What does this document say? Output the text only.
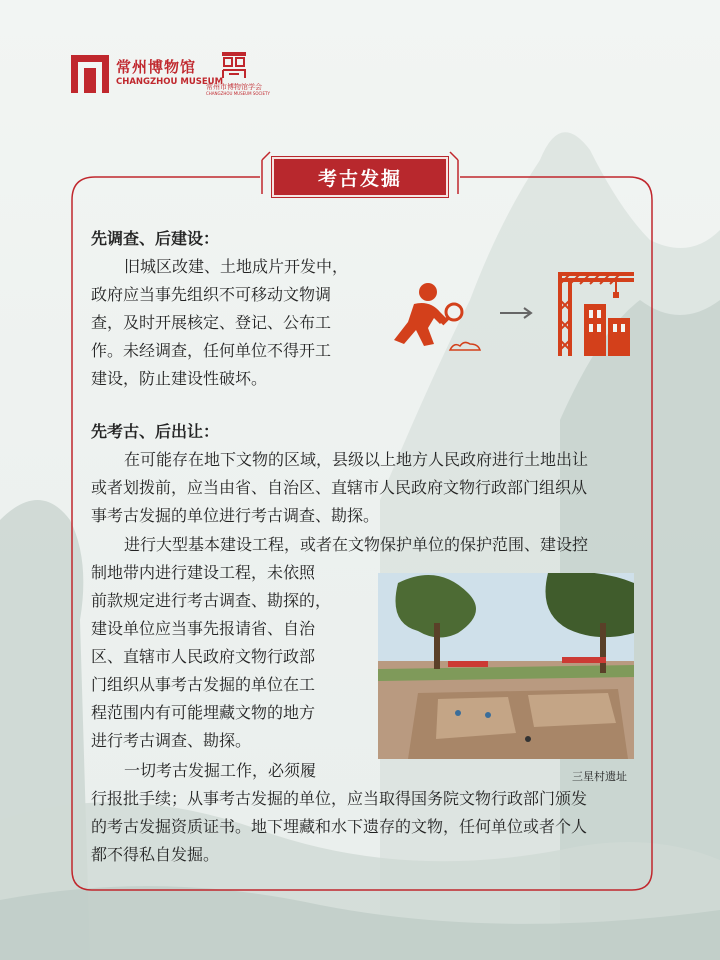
常州博物馆
CHANGZHOU MUSEUM
常州市博物馆学会
CHANGZHOU MUSEUM SOCIETY
考古发掘
先调查、后建设：
旧城区改建、土地成片开发中，
政府应当事先组织不可移动文物调
查，及时开展核定、登记、公布工
作。未经调查，任何单位不得开工
建设，防止建设性破坏。
先考古、后出让：
在可能存在地下文物的区域，县级以上地方人民政府进行土地出让
或者划拨前，应当由省、自治区、直辖市人民政府文物行政部门组织从
事考古发掘的单位进行考古调查、勘探。
进行大型基本建设工程，或者在文物保护单位的保护范围、建设控
制地带内进行建设工程，未依照
前款规定进行考古调查、勘探的，
建设单位应当事先报请省、自治
区、直辖市人民政府文物行政部
门组织从事考古发掘的单位在工
程范围内有可能埋藏文物的地方
进行考古调查、勘探。
一切考古发掘工作，必须履
行报批手续；从事考古发掘的单位，应当取得国务院文物行政部门颁发
的考古发掘资质证书。地下埋藏和水下遗存的文物，任何单位或者个人
都不得私自发掘。
三星村遗址
